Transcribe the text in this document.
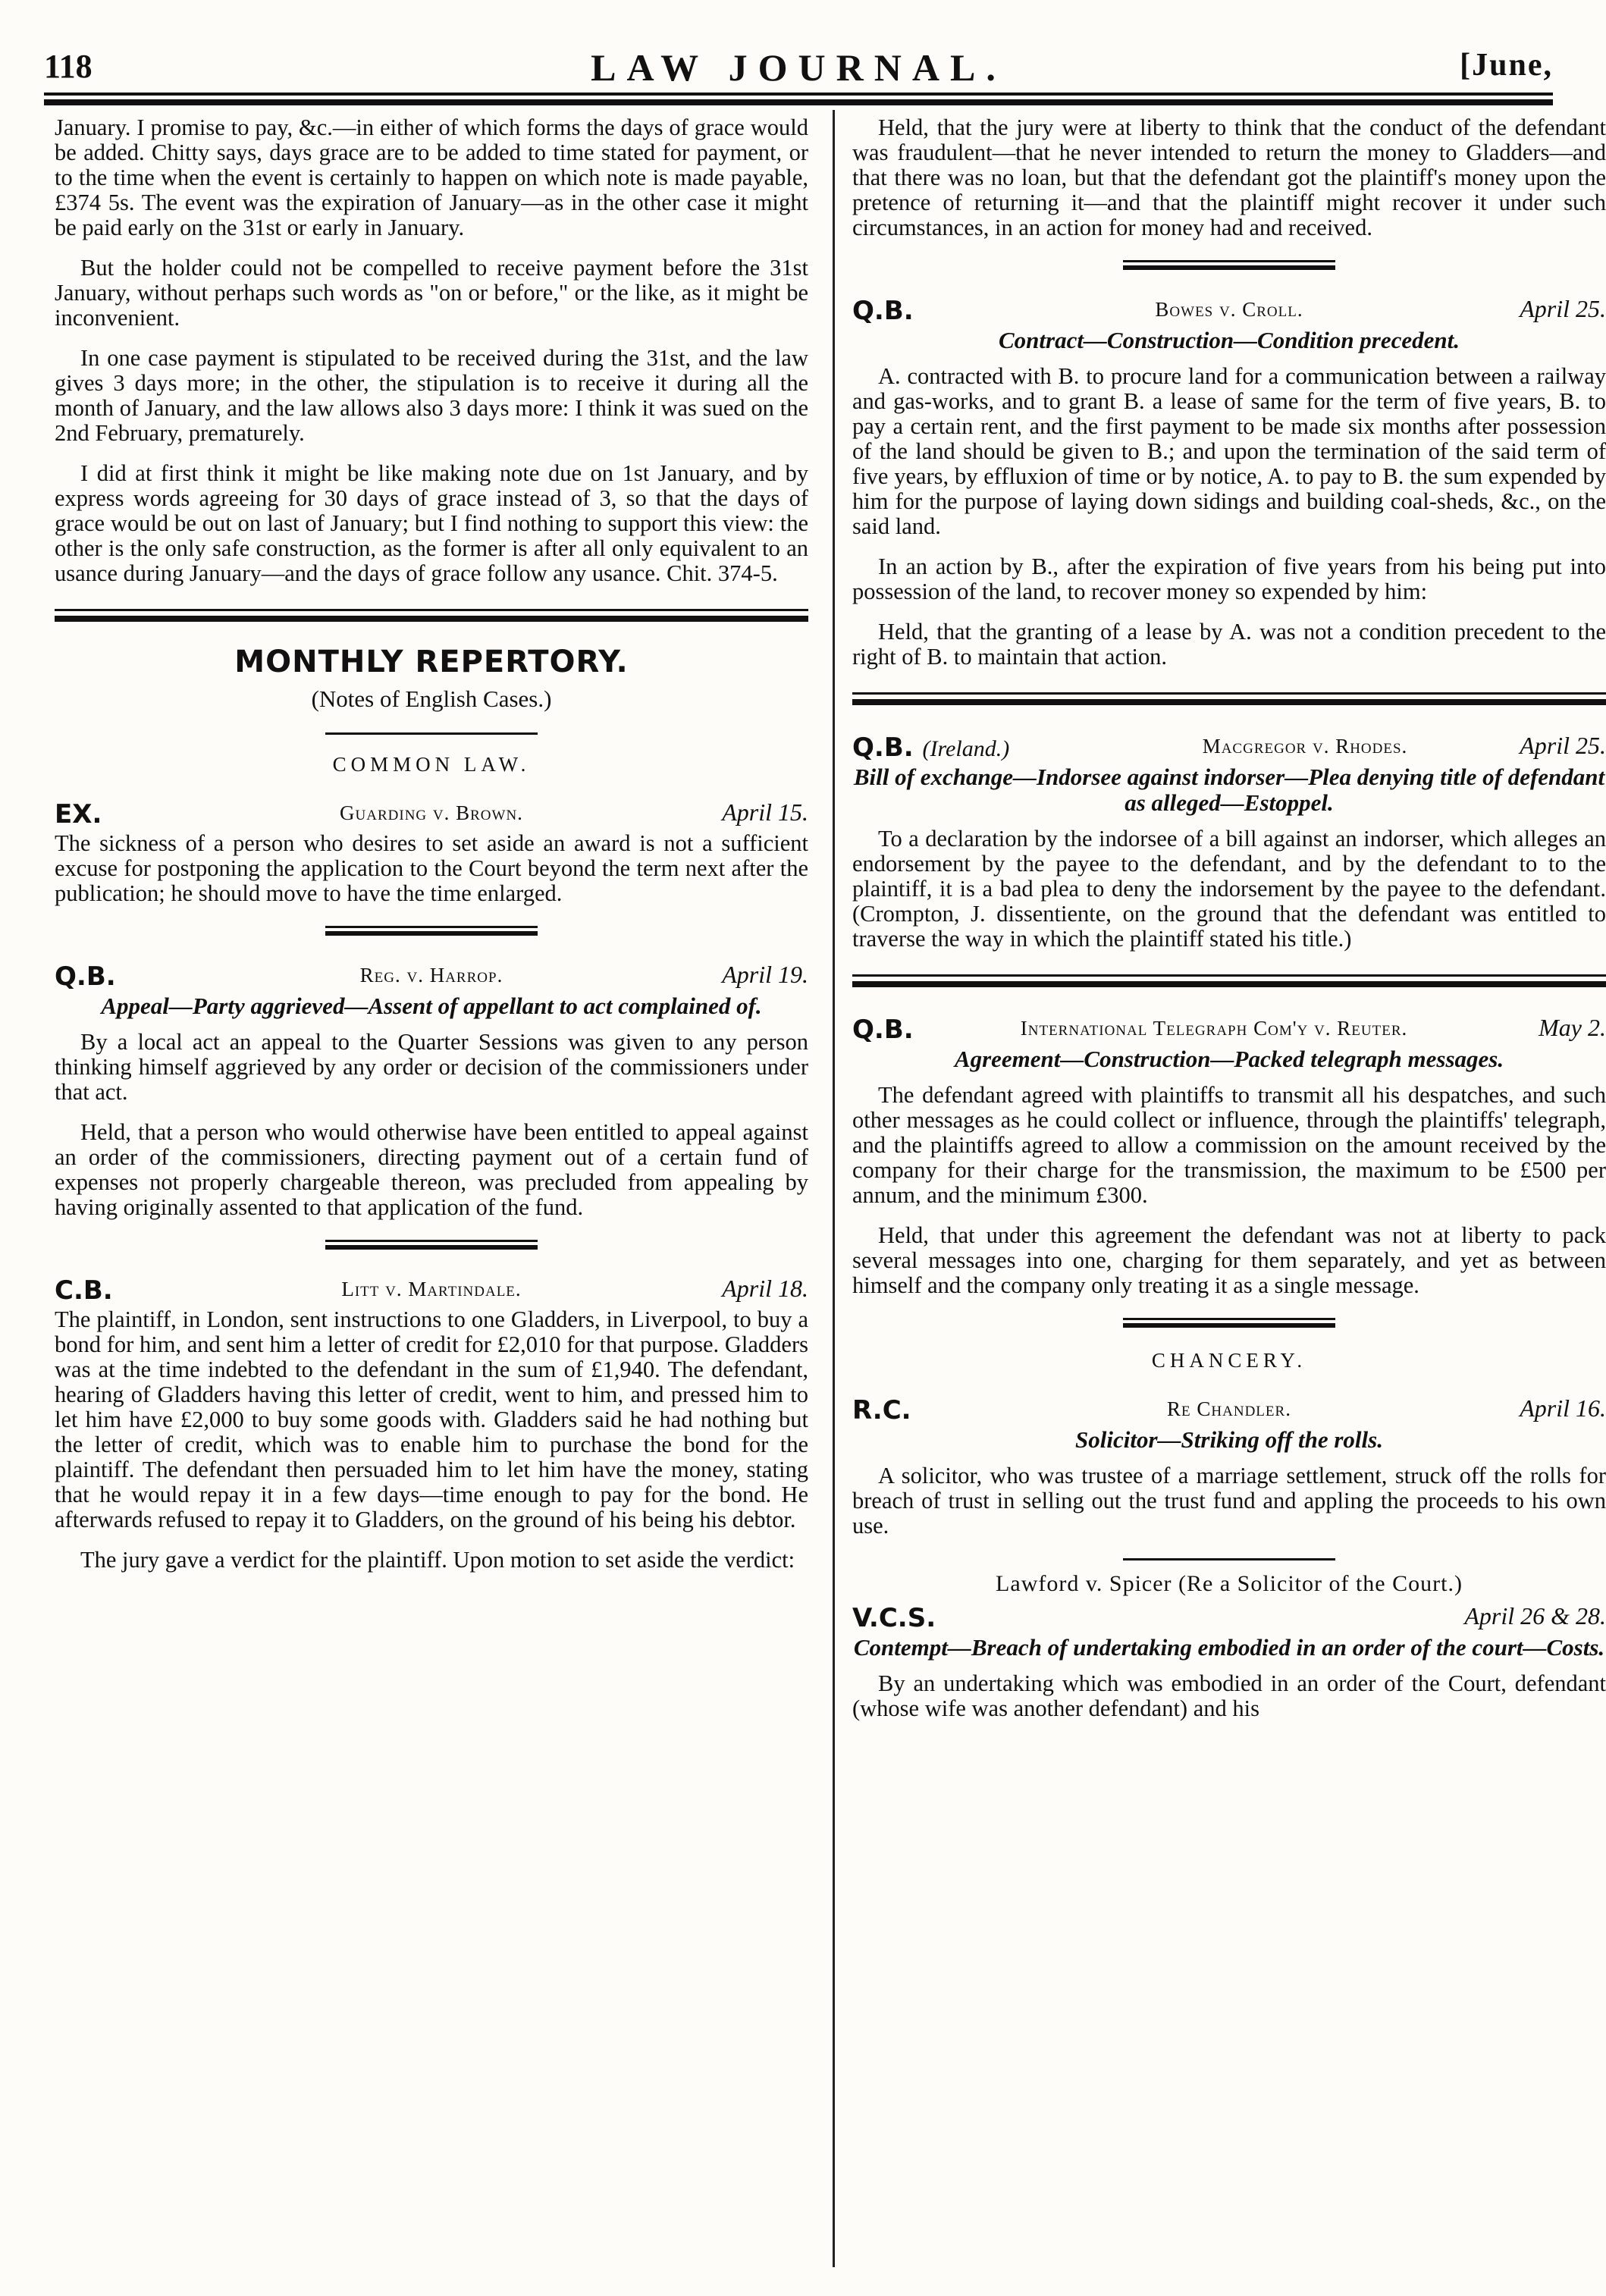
118	LAW JOURNAL.	[June,

January. I promise to pay, &c.—in either of which forms the days of grace would be added. Chitty says, days grace are to be added to time stated for payment, or to the time when the event is certainly to happen on which note is made payable, £374 5s. The event was the expiration of January—as in the other case it might be paid early on the 31st or early in January.

But the holder could not be compelled to receive payment before the 31st January, without perhaps such words as "on or before," or the like, as it might be inconvenient.

In one case payment is stipulated to be received during the 31st, and the law gives 3 days more; in the other, the stipulation is to receive it during all the month of January, and the law allows also 3 days more: I think it was sued on the 2nd February, prematurely.

I did at first think it might be like making note due on 1st January, and by express words agreeing for 30 days of grace instead of 3, so that the days of grace would be out on last of January; but I find nothing to support this view: the other is the only safe construction, as the former is after all only equivalent to an usance during January—and the days of grace follow any usance. Chit. 374-5.

MONTHLY REPERTORY.
(Notes of English Cases.)
COMMON LAW.
EX.	Guarding v. Brown.	April 15.

The sickness of a person who desires to set aside an award is not a sufficient excuse for postponing the application to the Court beyond the term next after the publication; he should move to have the time enlarged.

Q.B.	Reg. v. Harrop.	April 19.
Appeal—Party aggrieved—Assent of appellant to act complained of.

By a local act an appeal to the Quarter Sessions was given to any person thinking himself aggrieved by any order or decision of the commissioners under that act.

Held, that a person who would otherwise have been entitled to appeal against an order of the commissioners, directing payment out of a certain fund of expenses not properly chargeable thereon, was precluded from appealing by having originally assented to that application of the fund.

C.B.	Litt v. Martindale.	April 18.

The plaintiff, in London, sent instructions to one Gladders, in Liverpool, to buy a bond for him, and sent him a letter of credit for £2,010 for that purpose. Gladders was at the time indebted to the defendant in the sum of £1,940. The defendant, hearing of Gladders having this letter of credit, went to him, and pressed him to let him have £2,000 to buy some goods with. Gladders said he had nothing but the letter of credit, which was to enable him to purchase the bond for the plaintiff. The defendant then persuaded him to let him have the money, stating that he would repay it in a few days—time enough to pay for the bond. He afterwards refused to repay it to Gladders, on the ground of his being his debtor.

The jury gave a verdict for the plaintiff. Upon motion to set aside the verdict:

Held, that the jury were at liberty to think that the conduct of the defendant was fraudulent—that he never intended to return the money to Gladders—and that there was no loan, but that the defendant got the plaintiff's money upon the pretence of returning it—and that the plaintiff might recover it under such circumstances, in an action for money had and received.

Q.B.	Bowes v. Croll.	April 25.
Contract—Construction—Condition precedent.

A. contracted with B. to procure land for a communication between a railway and gas-works, and to grant B. a lease of same for the term of five years, B. to pay a certain rent, and the first payment to be made six months after possession of the land should be given to B.; and upon the termination of the said term of five years, by effluxion of time or by notice, A. to pay to B. the sum expended by him for the purpose of laying down sidings and building coal-sheds, &c., on the said land.

In an action by B., after the expiration of five years from his being put into possession of the land, to recover money so expended by him:

Held, that the granting of a lease by A. was not a condition precedent to the right of B. to maintain that action.

Q.B. (Ireland.)	Macgregor v. Rhodes.	April 25.
Bill of exchange—Indorsee against indorser—Plea denying title of defendant as alleged—Estoppel.

To a declaration by the indorsee of a bill against an indorser, which alleges an endorsement by the payee to the defendant, and by the defendant to to the plaintiff, it is a bad plea to deny the indorsement by the payee to the defendant. (Crompton, J. dissentiente, on the ground that the defendant was entitled to traverse the way in which the plaintiff stated his title.)

Q.B.	International Telegraph Com'y v. Reuter.	May 2.
Agreement—Construction—Packed telegraph messages.

The defendant agreed with plaintiffs to transmit all his despatches, and such other messages as he could collect or influence, through the plaintiffs' telegraph, and the plaintiffs agreed to allow a commission on the amount received by the company for their charge for the transmission, the maximum to be £500 per annum, and the minimum £300.

Held, that under this agreement the defendant was not at liberty to pack several messages into one, charging for them separately, and yet as between himself and the company only treating it as a single message.

CHANCERY.
R.C.	Re Chandler.	April 16.
Solicitor—Striking off the rolls.

A solicitor, who was trustee of a marriage settlement, struck off the rolls for breach of trust in selling out the trust fund and appling the proceeds to his own use.

Lawford v. Spicer (Re a Solicitor of the Court.)
V.C.S.	April 26 & 28.
Contempt—Breach of undertaking embodied in an order of the court—Costs.

By an undertaking which was embodied in an order of the Court, defendant (whose wife was another defendant) and his
